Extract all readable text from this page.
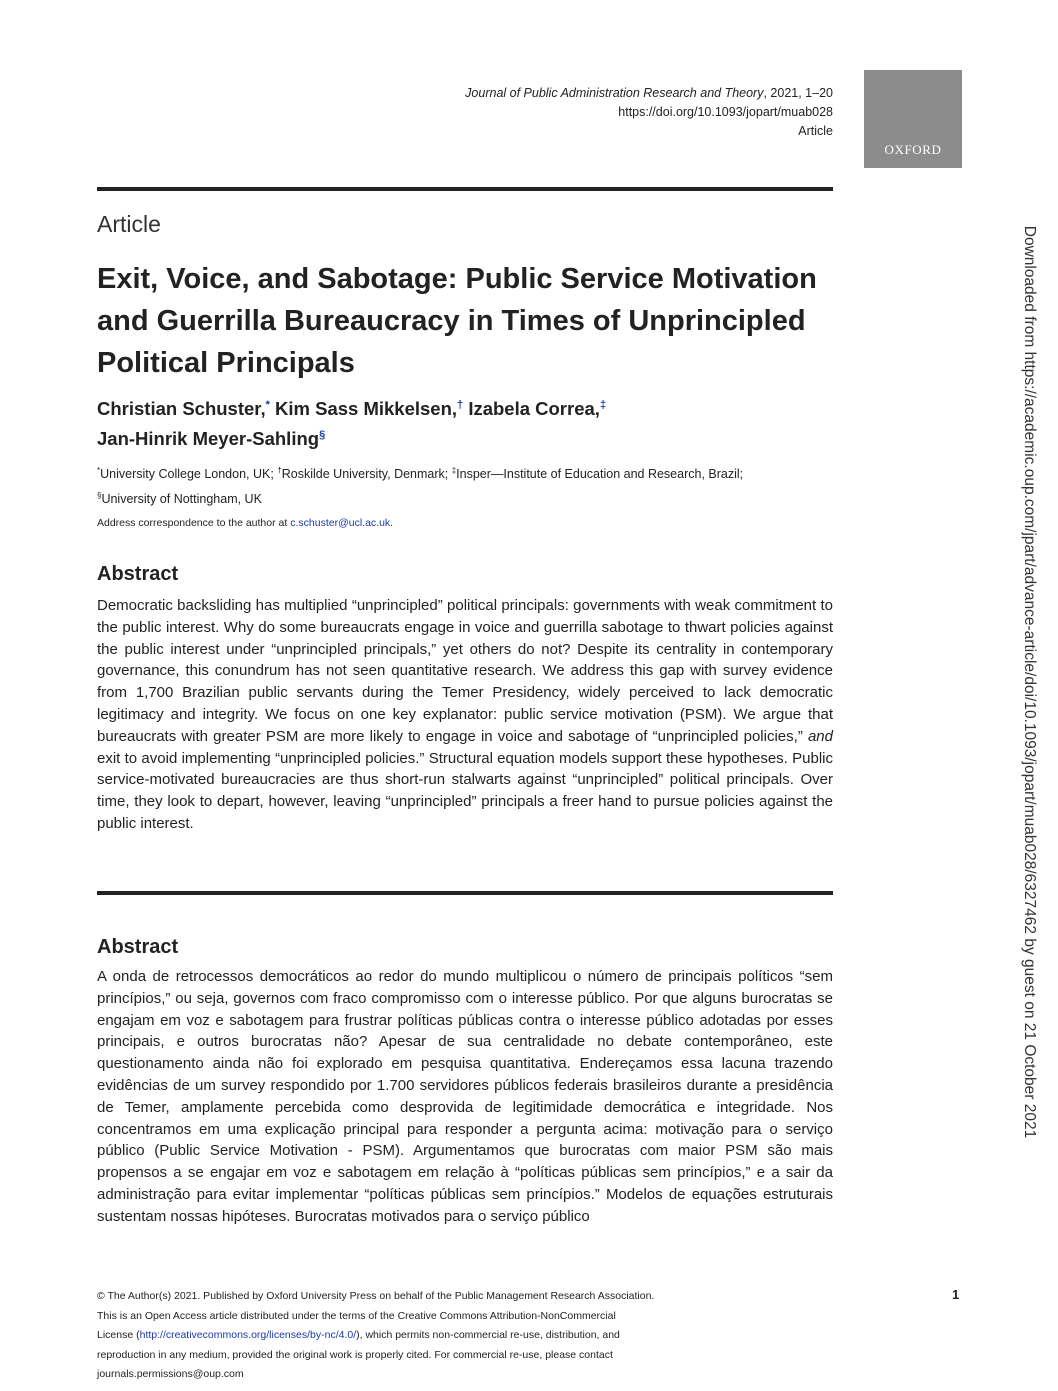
Journal of Public Administration Research and Theory, 2021, 1–20
https://doi.org/10.1093/jopart/muab028
Article
OXFORD
Article
Exit, Voice, and Sabotage: Public Service Motivation and Guerrilla Bureaucracy in Times of Unprincipled Political Principals
Christian Schuster,* Kim Sass Mikkelsen,† Izabela Correa,‡
Jan-Hinrik Meyer-Sahling§
*University College London, UK; †Roskilde University, Denmark; ‡Insper—Institute of Education and Research, Brazil;
§University of Nottingham, UK
Address correspondence to the author at c.schuster@ucl.ac.uk.
Abstract

Democratic backsliding has multiplied “unprincipled” political principals: governments with weak commitment to the public interest. Why do some bureaucrats engage in voice and guerrilla sabotage to thwart policies against the public interest under “unprincipled principals,” yet others do not? Despite its centrality in contemporary governance, this conundrum has not seen quantitative research. We address this gap with survey evidence from 1,700 Brazilian public servants during the Temer Presidency, widely perceived to lack democratic legitimacy and integrity. We focus on one key explanator: public service motivation (PSM). We argue that bureaucrats with greater PSM are more likely to engage in voice and sabotage of “unprincipled policies,” and exit to avoid implementing “unprincipled policies.” Structural equation models support these hypotheses. Public service-motivated bureaucracies are thus short-run stalwarts against “unprincipled” political principals. Over time, they look to depart, however, leaving “unprincipled” principals a freer hand to pursue policies against the public interest.

Abstract

A onda de retrocessos democráticos ao redor do mundo multiplicou o número de principais políticos “sem princípios,” ou seja, governos com fraco compromisso com o interesse público. Por que alguns burocratas se engajam em voz e sabotagem para frustrar políticas públicas contra o interesse público adotadas por esses principais, e outros burocratas não? Apesar de sua centralidade no debate contemporâneo, este questionamento ainda não foi explorado em pesquisa quantitativa. Endereçamos essa lacuna trazendo evidências de um survey respondido por 1.700 servidores públicos federais brasileiros durante a presidência de Temer, amplamente percebida como desprovida de legitimidade democrática e integridade. Nos concentramos em uma explicação principal para responder a pergunta acima: motivação para o serviço público (Public Service Motivation - PSM). Argumentamos que burocratas com maior PSM são mais propensos a se engajar em voz e sabotagem em relação à “políticas públicas sem princípios,” e a sair da administração para evitar implementar “políticas públicas sem princípios.” Modelos de equações estruturais sustentam nossas hipóteses. Burocratas motivados para o serviço público

© The Author(s) 2021. Published by Oxford University Press on behalf of the Public Management Research Association.
This is an Open Access article distributed under the terms of the Creative Commons Attribution-NonCommercial
License (http://creativecommons.org/licenses/by-nc/4.0/), which permits non-commercial re-use, distribution, and
reproduction in any medium, provided the original work is properly cited. For commercial re-use, please contact
journals.permissions@oup.com
1
Downloaded from https://academic.oup.com/jpart/advance-article/doi/10.1093/jopart/muab028/6327462 by guest on 21 October 2021
